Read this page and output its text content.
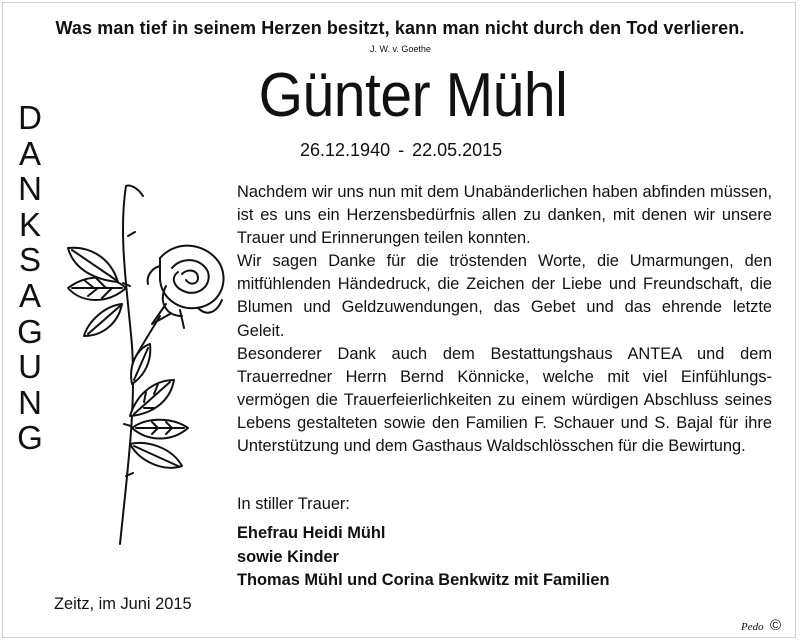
Was man tief in seinem Herzen besitzt, kann man nicht durch den Tod verlieren.
J. W. v. Goethe
Günter Mühl
26.12.1940 - 22.05.2015
D
A
N
K
S
A
G
U
N
G

Nachdem wir uns nun mit dem Unabänderlichen haben abfinden müssen, ist es uns ein Herzensbedürfnis allen zu danken, mit denen wir unsere Trauer und Erinnerungen teilen konnten.

Wir sagen Danke für die tröstenden Worte, die Umarmungen, den mitfühlenden Händedruck, die Zeichen der Liebe und Freundschaft, die Blumen und Geldzuwendungen, das Gebet und das ehrende letzte Geleit.

Besonderer Dank auch dem Bestattungshaus ANTEA und dem Trauerredner Herrn Bernd Könnicke, welche mit viel Einfühlungsvermögen die Trauerfeierlichkeiten zu einem würdigen Abschluss seines Lebens gestalteten sowie den Familien F. Schauer und S. Bajal für ihre Unterstützung und dem Gasthaus Waldschlösschen für die Bewirtung.

In stiller Trauer:
Ehefrau Heidi Mühl
sowie Kinder
Thomas Mühl und Corina Benkwitz mit Familien
Zeitz, im Juni 2015
Pedo ©
